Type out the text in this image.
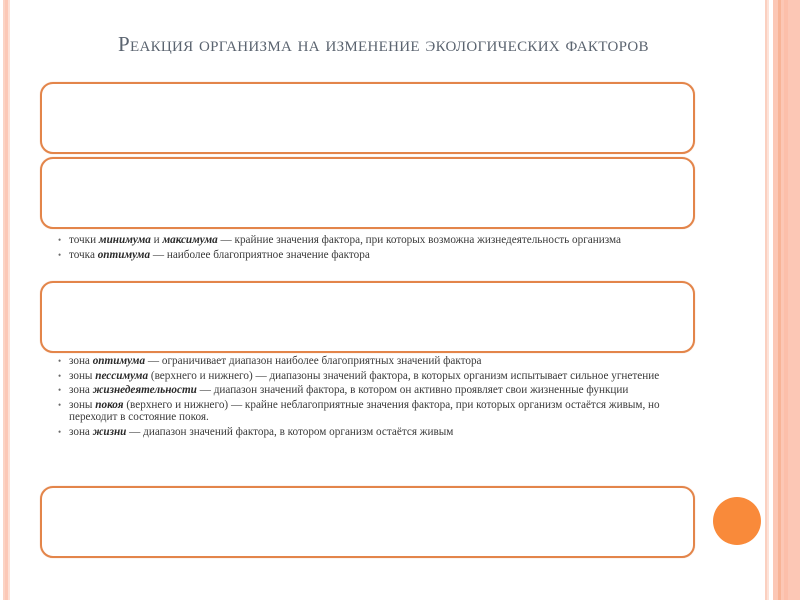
Реакция организма на изменение экологических факторов
• точки минимума и максимума — крайние значения фактора, при которых возможна жизнедеятельность организма
• точка оптимума — наиболее благоприятное значение фактора
• зона оптимума — ограничивает диапазон наиболее благоприятных значений фактора
• зоны пессимума (верхнего и нижнего) — диапазоны значений фактора, в которых организм испытывает сильное угнетение
• зона жизнедеятельности — диапазон значений фактора, в котором он активно проявляет свои жизненные функции
• зоны покоя (верхнего и нижнего) — крайне неблагоприятные значения фактора, при которых организм остаётся живым, но переходит в состояние покоя.
• зона жизни — диапазон значений фактора, в котором организм остаётся живым
